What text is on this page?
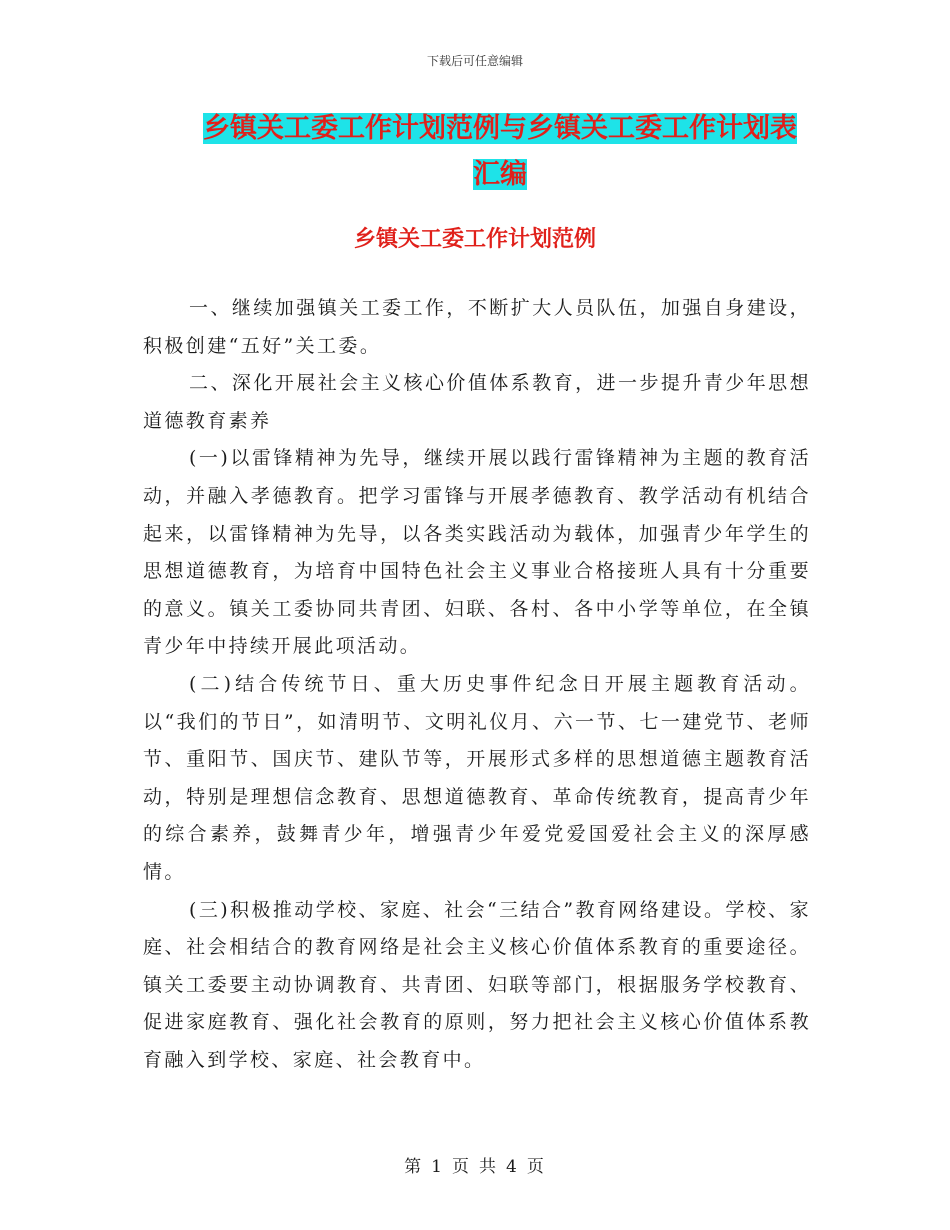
下载后可任意编辑
乡镇关工委工作计划范例与乡镇关工委工作计划表汇编
乡镇关工委工作计划范例

一、继续加强镇关工委工作，不断扩大人员队伍，加强自身建设，积极创建“五好”关工委。

二、深化开展社会主义核心价值体系教育，进一步提升青少年思想道德教育素养

(一)以雷锋精神为先导，继续开展以践行雷锋精神为主题的教育活动，并融入孝德教育。把学习雷锋与开展孝德教育、教学活动有机结合起来，以雷锋精神为先导，以各类实践活动为载体，加强青少年学生的思想道德教育，为培育中国特色社会主义事业合格接班人具有十分重要的意义。镇关工委协同共青团、妇联、各村、各中小学等单位，在全镇青少年中持续开展此项活动。

(二)结合传统节日、重大历史事件纪念日开展主题教育活动。以“我们的节日”，如清明节、文明礼仪月、六一节、七一建党节、老师节、重阳节、国庆节、建队节等，开展形式多样的思想道德主题教育活动，特别是理想信念教育、思想道德教育、革命传统教育，提高青少年的综合素养，鼓舞青少年，增强青少年爱党爱国爱社会主义的深厚感情。

(三)积极推动学校、家庭、社会“三结合”教育网络建设。学校、家庭、社会相结合的教育网络是社会主义核心价值体系教育的重要途径。镇关工委要主动协调教育、共青团、妇联等部门，根据服务学校教育、促进家庭教育、强化社会教育的原则，努力把社会主义核心价值体系教育融入到学校、家庭、社会教育中。

第 1 页 共 4 页
